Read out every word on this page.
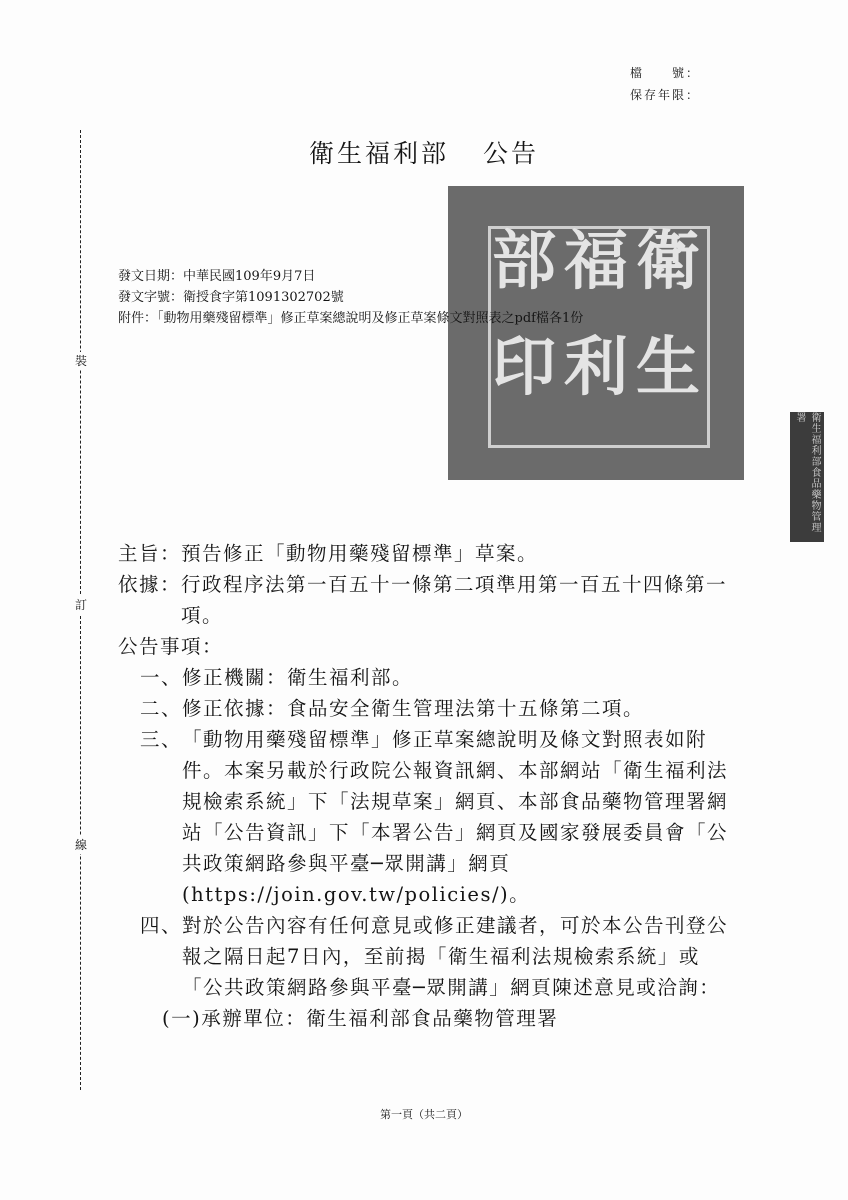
檔　　號：
保存年限：
衛生福利部 公告
衛
生
福
利
部
印
發文日期：中華民國109年9月7日
發文字號：衛授食字第1091302702號
附件：「動物用藥殘留標準」修正草案總說明及修正草案條文對照表之pdf檔各1份
衛生福利部食品藥物管理署
裝
訂
線
主旨： 預告修正「動物用藥殘留標準」草案。
依據： 行政程序法第一百五十一條第二項準用第一百五十四條第一項。
公告事項：
一、 修正機關：衛生福利部。
二、 修正依據：食品安全衛生管理法第十五條第二項。
三、 「動物用藥殘留標準」修正草案總說明及條文對照表如附件。本案另載於行政院公報資訊網、本部網站「衛生福利法規檢索系統」下「法規草案」網頁、本部食品藥物管理署網站「公告資訊」下「本署公告」網頁及國家發展委員會「公共政策網路參與平臺─眾開講」網頁(https://join.gov.tw/policies/)。
四、 對於公告內容有任何意見或修正建議者，可於本公告刊登公報之隔日起7日內，至前揭「衛生福利法規檢索系統」或「公共政策網路參與平臺─眾開講」網頁陳述意見或洽詢：
(一) 承辦單位：衛生福利部食品藥物管理署
第一頁（共二頁）
